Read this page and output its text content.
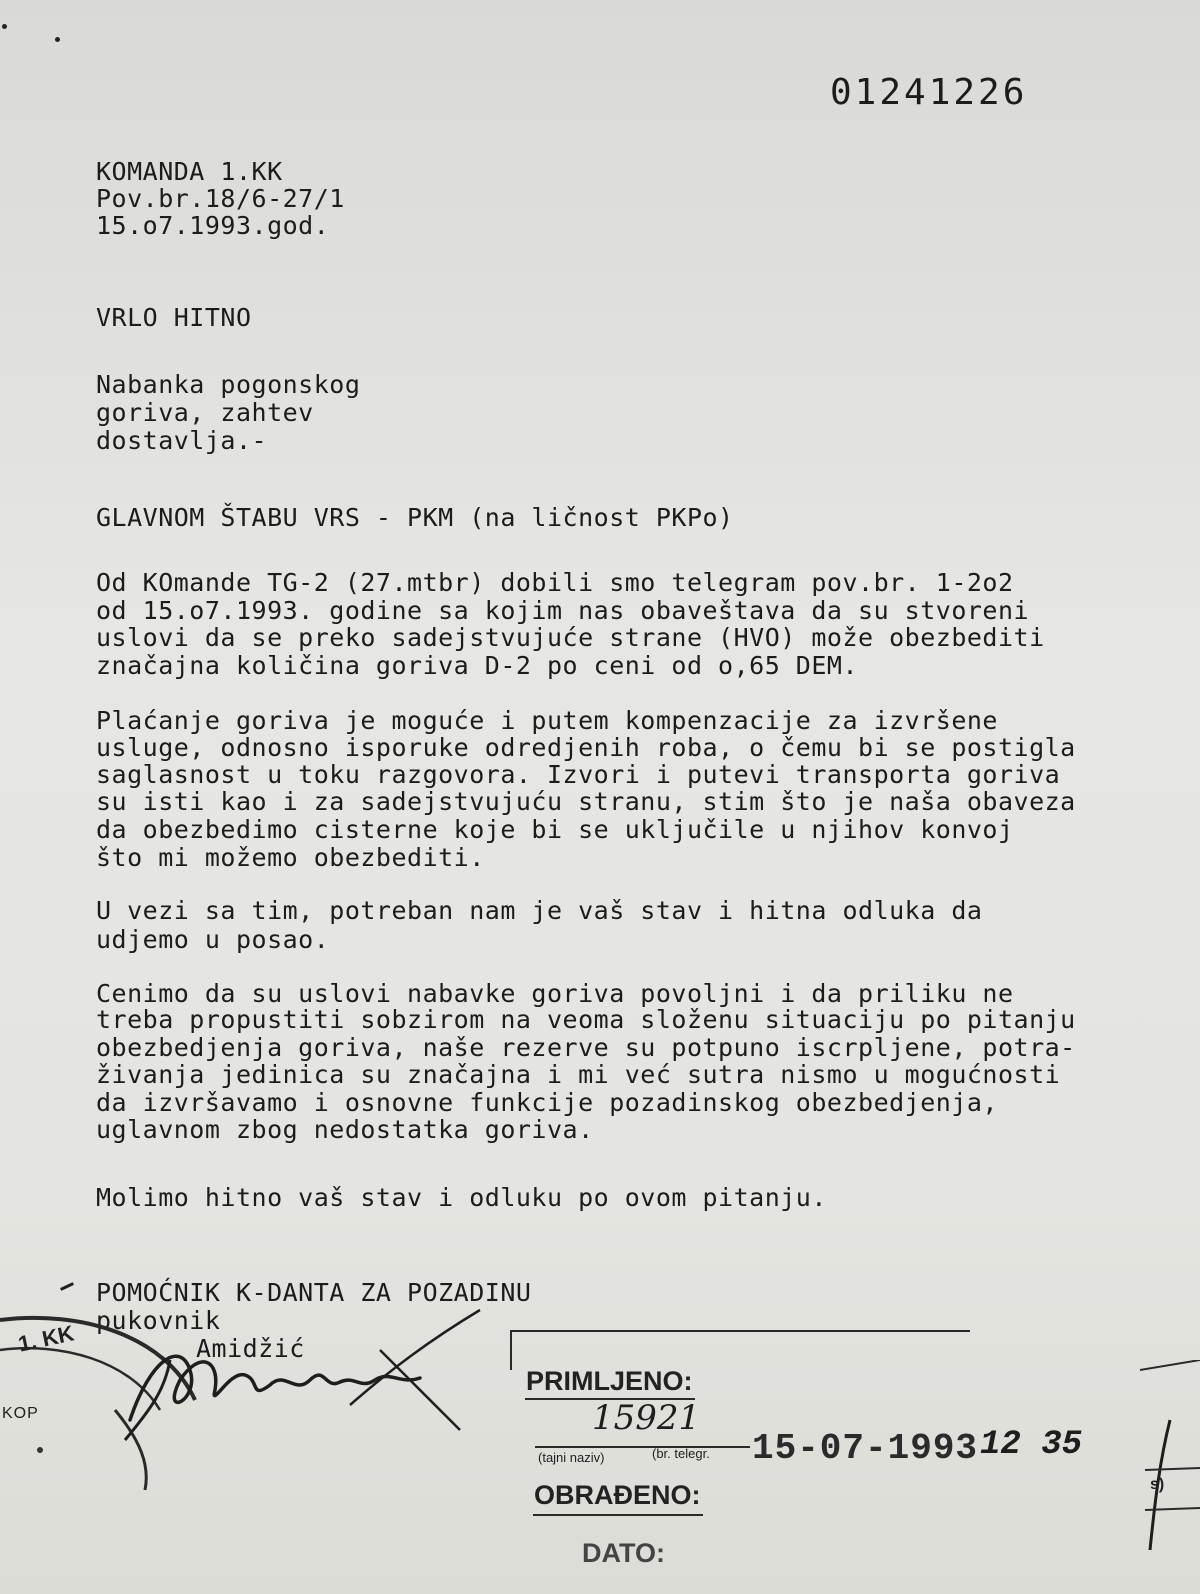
01241226
KOMANDA 1.KK
Pov.br.18/6-27/1
15.o7.1993.god.
VRLO HITNO
Nabanka pogonskog
goriva, zahtev
dostavlja.-
GLAVNOM ŠTABU VRS - PKM (na ličnost PKPo)
Od KOmande TG-2 (27.mtbr) dobili smo telegram pov.br. 1-2o2
od 15.o7.1993. godine sa kojim nas obaveštava da su stvoreni
uslovi da se preko sadejstvujuće strane (HVO) može obezbediti
značajna količina goriva D-2 po ceni od o,65 DEM.
Plaćanje goriva je moguće i putem kompenzacije za izvršene
usluge, odnosno isporuke odredjenih roba, o čemu bi se postigla
saglasnost u toku razgovora. Izvori i putevi transporta goriva
su isti kao i za sadejstvujuću stranu, stim što je naša obaveza
da obezbedimo cisterne koje bi se uključile u njihov konvoj
što mi možemo obezbediti.
U vezi sa tim, potreban nam je vaš stav i hitna odluka da
udjemo u posao.
Cenimo da su uslovi nabavke goriva povoljni i da priliku ne
treba propustiti sobzirom na veoma složenu situaciju po pitanju
obezbedjenja goriva, naše rezerve su potpuno iscrpljene, potra-
živanja jedinica su značajna i mi već sutra nismo u mogućnosti
da izvršavamo i osnovne funkcije pozadinskog obezbedjenja,
uglavnom zbog nedostatka goriva.
Molimo hitno vaš stav i odluku po ovom pitanju.
POMOĆNIK K-DANTA ZA POZADINU
pukovnik
Amidžić
1. KK
KOP
PRIMLJENO:
15921
(tajni naziv)	(br. telegr. 15-07-1993 12 35
OBRAĐENO:
DATO:
s)
